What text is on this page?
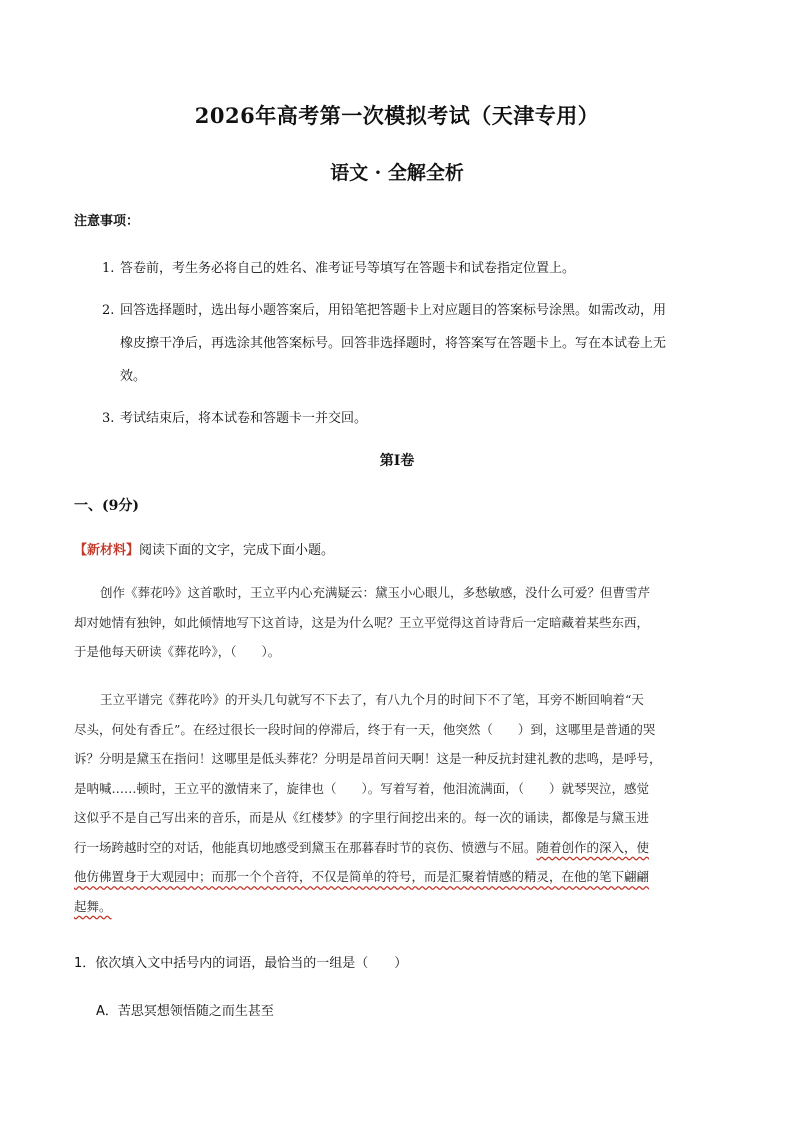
2026年高考第一次模拟考试（天津专用）
语文 · 全解全析
注意事项：
1. 答卷前，考生务必将自己的姓名、准考证号等填写在答题卡和试卷指定位置上。
2. 回答选择题时，选出每小题答案后，用铅笔把答题卡上对应题目的答案标号涂黑。如需改动，用
橡皮擦干净后，再选涂其他答案标号。回答非选择题时，将答案写在答题卡上。写在本试卷上无
效。
3. 考试结束后，将本试卷和答题卡一并交回。
第Ⅰ卷
一、(9分)
【新材料】阅读下面的文字，完成下面小题。
创作《葬花吟》这首歌时，王立平内心充满疑云：黛玉小心眼儿，多愁敏感，没什么可爱？但曹雪芹
却对她情有独钟，如此倾情地写下这首诗，这是为什么呢？王立平觉得这首诗背后一定暗藏着某些东西，
于是他每天研读《葬花吟》，（　　）。
王立平谱完《葬花吟》的开头几句就写不下去了，有八九个月的时间下不了笔，耳旁不断回响着“天
尽头，何处有香丘”。在经过很长一段时间的停滞后，终于有一天，他突然（　　）到，这哪里是普通的哭
诉？分明是黛玉在指问！这哪里是低头葬花？分明是昂首问天啊！这是一种反抗封建礼教的悲鸣，是呼号，
是呐喊……顿时，王立平的激情来了，旋律也（　　）。写着写着，他泪流满面，（　　）就琴哭泣，感觉
这似乎不是自己写出来的音乐，而是从《红楼梦》的字里行间挖出来的。每一次的诵读，都像是与黛玉进
行一场跨越时空的对话，他能真切地感受到黛玉在那暮春时节的哀伤、愤懑与不屈。随着创作的深入，使
他仿佛置身于大观园中；而那一个个音符，不仅是简单的符号，而是汇聚着情感的精灵，在他的笔下翩翩
起舞。
1．依次填入文中括号内的词语，最恰当的一组是（　　）
A．苦思冥想领悟随之而生甚至
